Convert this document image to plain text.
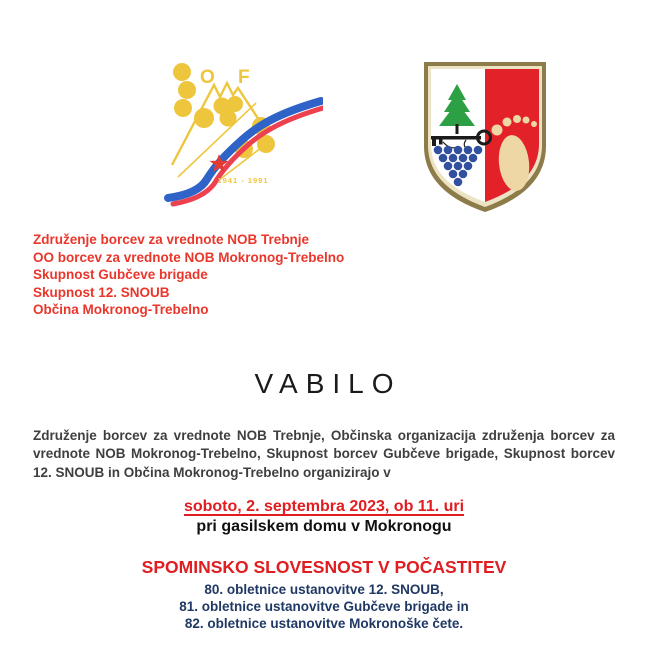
O F
1941 - 1991
Združenje borcev za vrednote NOB Trebnje
OO borcev za vrednote NOB Mokronog-Trebelno
Skupnost Gubčeve brigade
Skupnost 12. SNOUB
Občina Mokronog-Trebelno
VABILO

Združenje borcev za vrednote NOB Trebnje, Občinska organizacija združenja borcev za vrednote NOB Mokronog-Trebelno, Skupnost borcev Gubčeve brigade, Skupnost borcev 12. SNOUB in Občina Mokronog-Trebelno organizirajo v

soboto, 2. septembra 2023, ob 11. uri
pri gasilskem domu v Mokronogu
SPOMINSKO SLOVESNOST V POČASTITEV
80. obletnice ustanovitve 12. SNOUB,
81. obletnice ustanovitve Gubčeve brigade in
82. obletnice ustanovitve Mokronoške čete.
